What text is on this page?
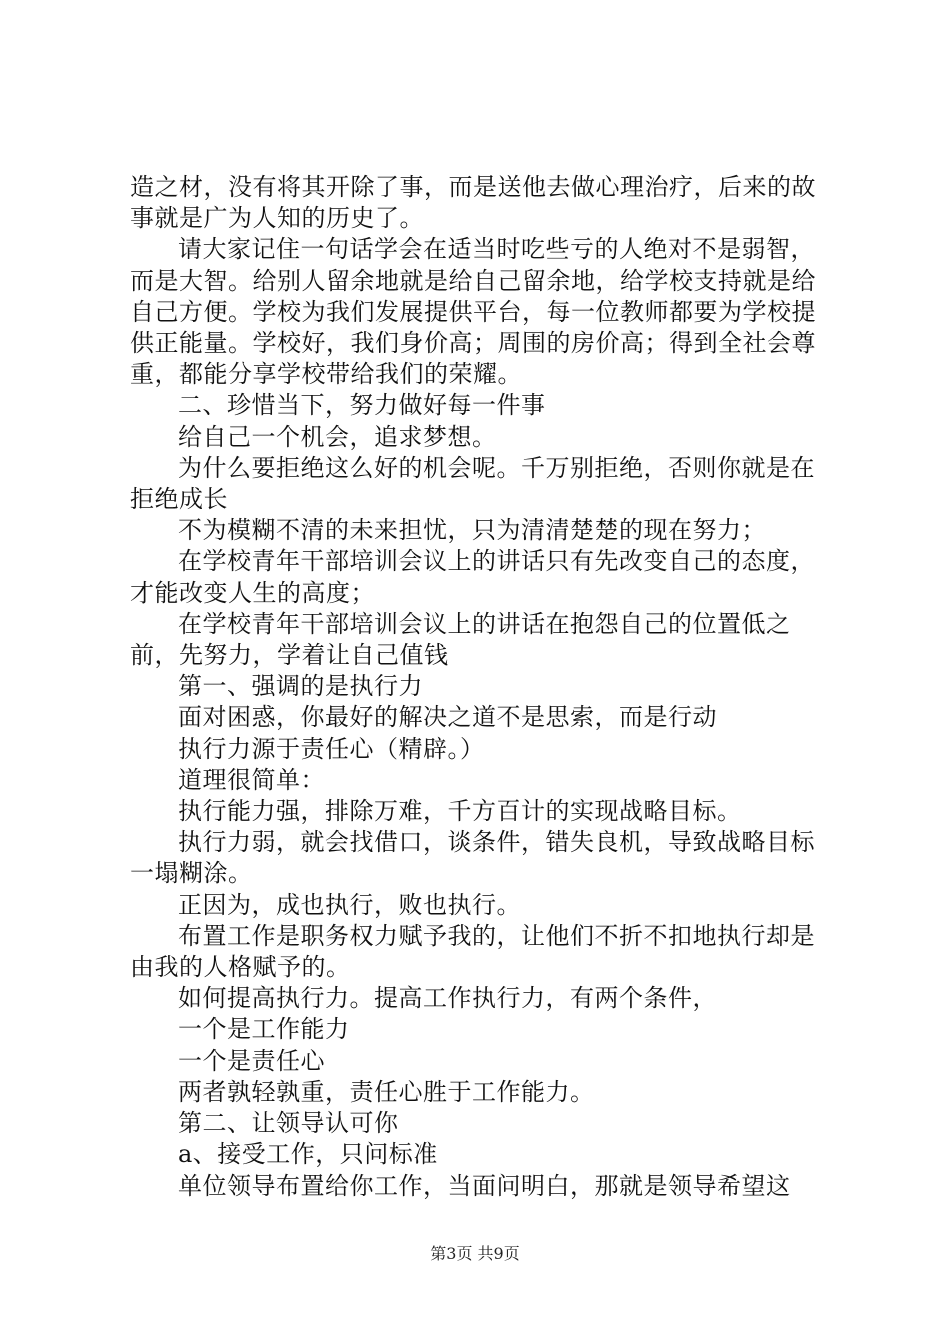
造之材，没有将其开除了事，而是送他去做心理治疗，后来的故事就是广为人知的历史了。

请大家记住一句话学会在适当时吃些亏的人绝对不是弱智，而是大智。给别人留余地就是给自己留余地，给学校支持就是给自己方便。学校为我们发展提供平台，每一位教师都要为学校提供正能量。学校好，我们身价高；周围的房价高；得到全社会尊重，都能分享学校带给我们的荣耀。

二、珍惜当下，努力做好每一件事

给自己一个机会，追求梦想。

为什么要拒绝这么好的机会呢。千万别拒绝，否则你就是在拒绝成长

不为模糊不清的未来担忧，只为清清楚楚的现在努力；

在学校青年干部培训会议上的讲话只有先改变自己的态度，才能改变人生的高度；

在学校青年干部培训会议上的讲话在抱怨自己的位置低之前，先努力，学着让自己值钱

第一、强调的是执行力

面对困惑，你最好的解决之道不是思索，而是行动

执行力源于责任心（精辟。）

道理很简单：

执行能力强，排除万难，千方百计的实现战略目标。

执行力弱，就会找借口，谈条件，错失良机，导致战略目标一塌糊涂。

正因为，成也执行，败也执行。

布置工作是职务权力赋予我的，让他们不折不扣地执行却是由我的人格赋予的。

如何提高执行力。提高工作执行力，有两个条件，

一个是工作能力

一个是责任心

两者孰轻孰重，责任心胜于工作能力。

第二、让领导认可你

a、接受工作，只问标准

单位领导布置给你工作，当面问明白，那就是领导希望这

第3页 共9页
